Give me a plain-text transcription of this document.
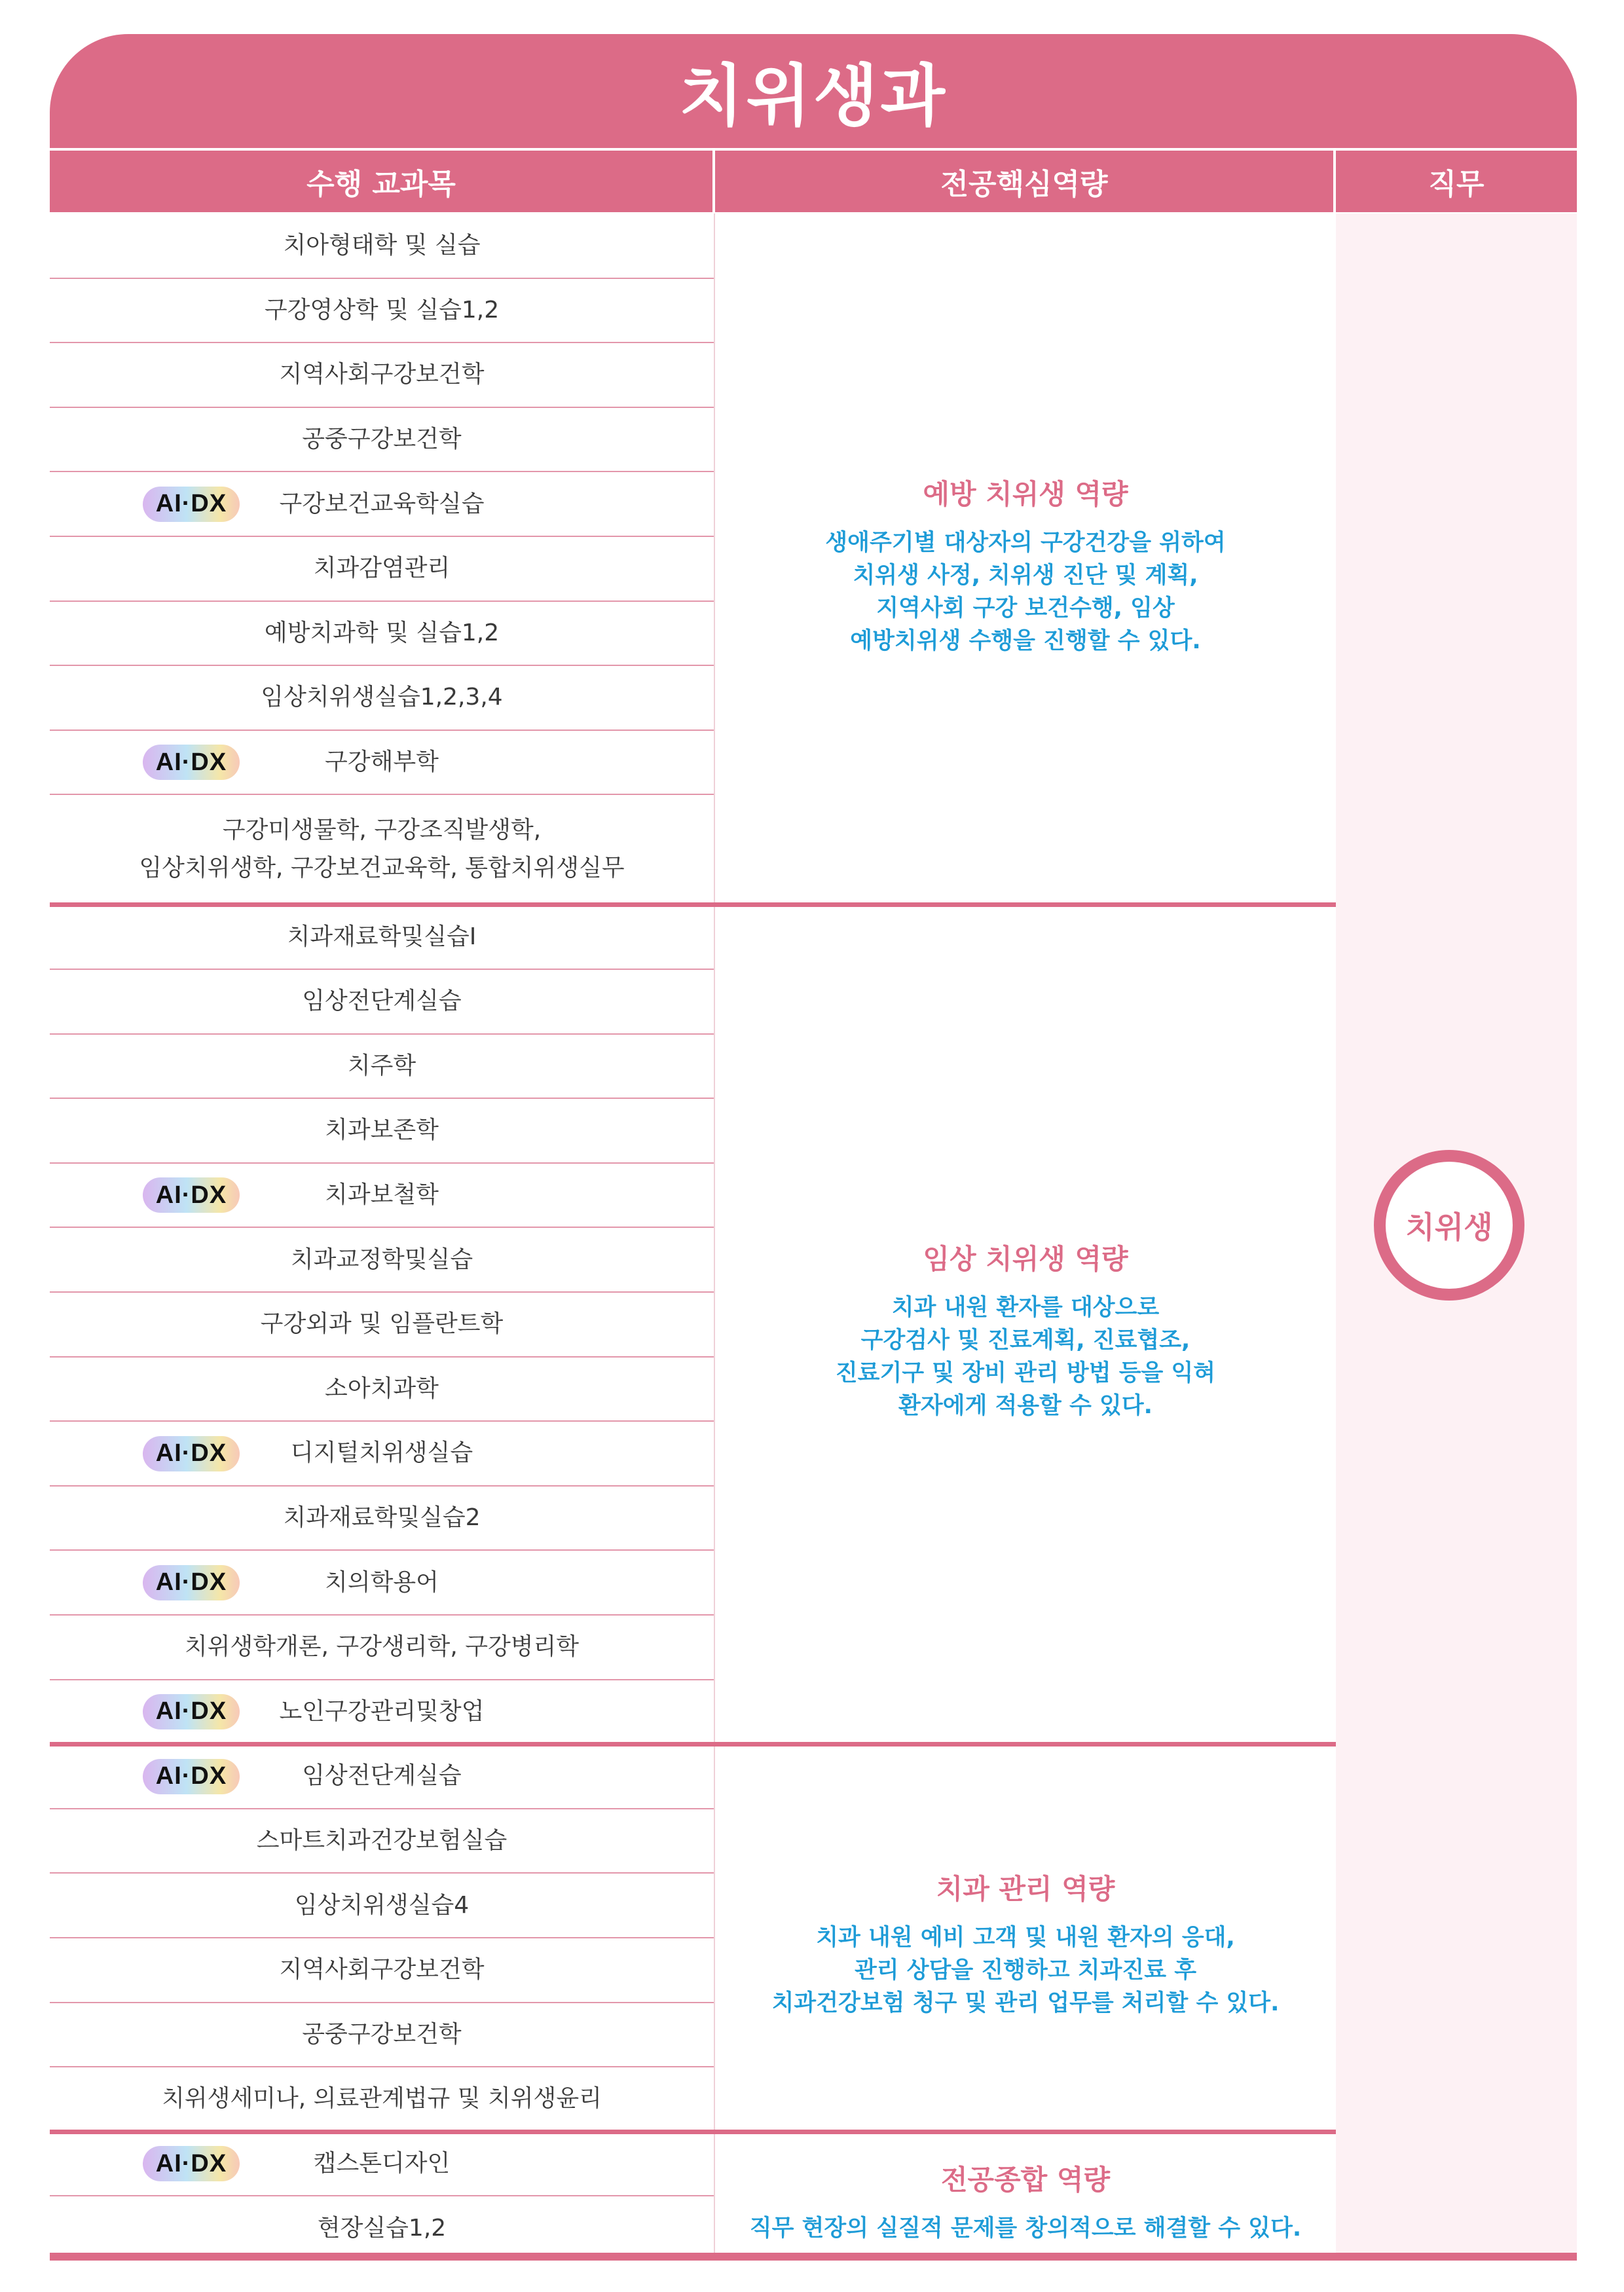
치위생과
수행 교과목	전공핵심역량	직무
치아형태학 및 실습
구강영상학 및 실습1,2
지역사회구강보건학
공중구강보건학
구강보건교육학실습
AI·DX
치과감염관리
예방치과학 및 실습1,2
임상치위생실습1,2,3,4
구강해부학
AI·DX
구강미생물학, 구강조직발생학,
임상치위생학, 구강보건교육학, 통합치위생실무
예방 치위생 역량
생애주기별 대상자의 구강건강을 위하여
치위생 사정, 치위생 진단 및 계획,
지역사회 구강 보건수행, 임상
예방치위생 수행을 진행할 수 있다.
치과재료학및실습I
임상전단계실습
치주학
치과보존학
치과보철학
AI·DX
치과교정학및실습
구강외과 및 임플란트학
소아치과학
디지털치위생실습
AI·DX
치과재료학및실습2
치의학용어
AI·DX
치위생학개론, 구강생리학, 구강병리학
노인구강관리및창업
AI·DX
임상 치위생 역량
치과 내원 환자를 대상으로
구강검사 및 진료계획, 진료협조,
진료기구 및 장비 관리 방법 등을 익혀
환자에게 적용할 수 있다.
임상전단계실습
AI·DX
스마트치과건강보험실습
임상치위생실습4
지역사회구강보건학
공중구강보건학
치위생세미나, 의료관계법규 및 치위생윤리
치과 관리 역량
치과 내원 예비 고객 및 내원 환자의 응대,
관리 상담을 진행하고 치과진료 후
치과건강보험 청구 및 관리 업무를 처리할 수 있다.
캡스톤디자인
AI·DX
현장실습1,2
전공종합 역량
직무 현장의 실질적 문제를 창의적으로 해결할 수 있다.
치위생
